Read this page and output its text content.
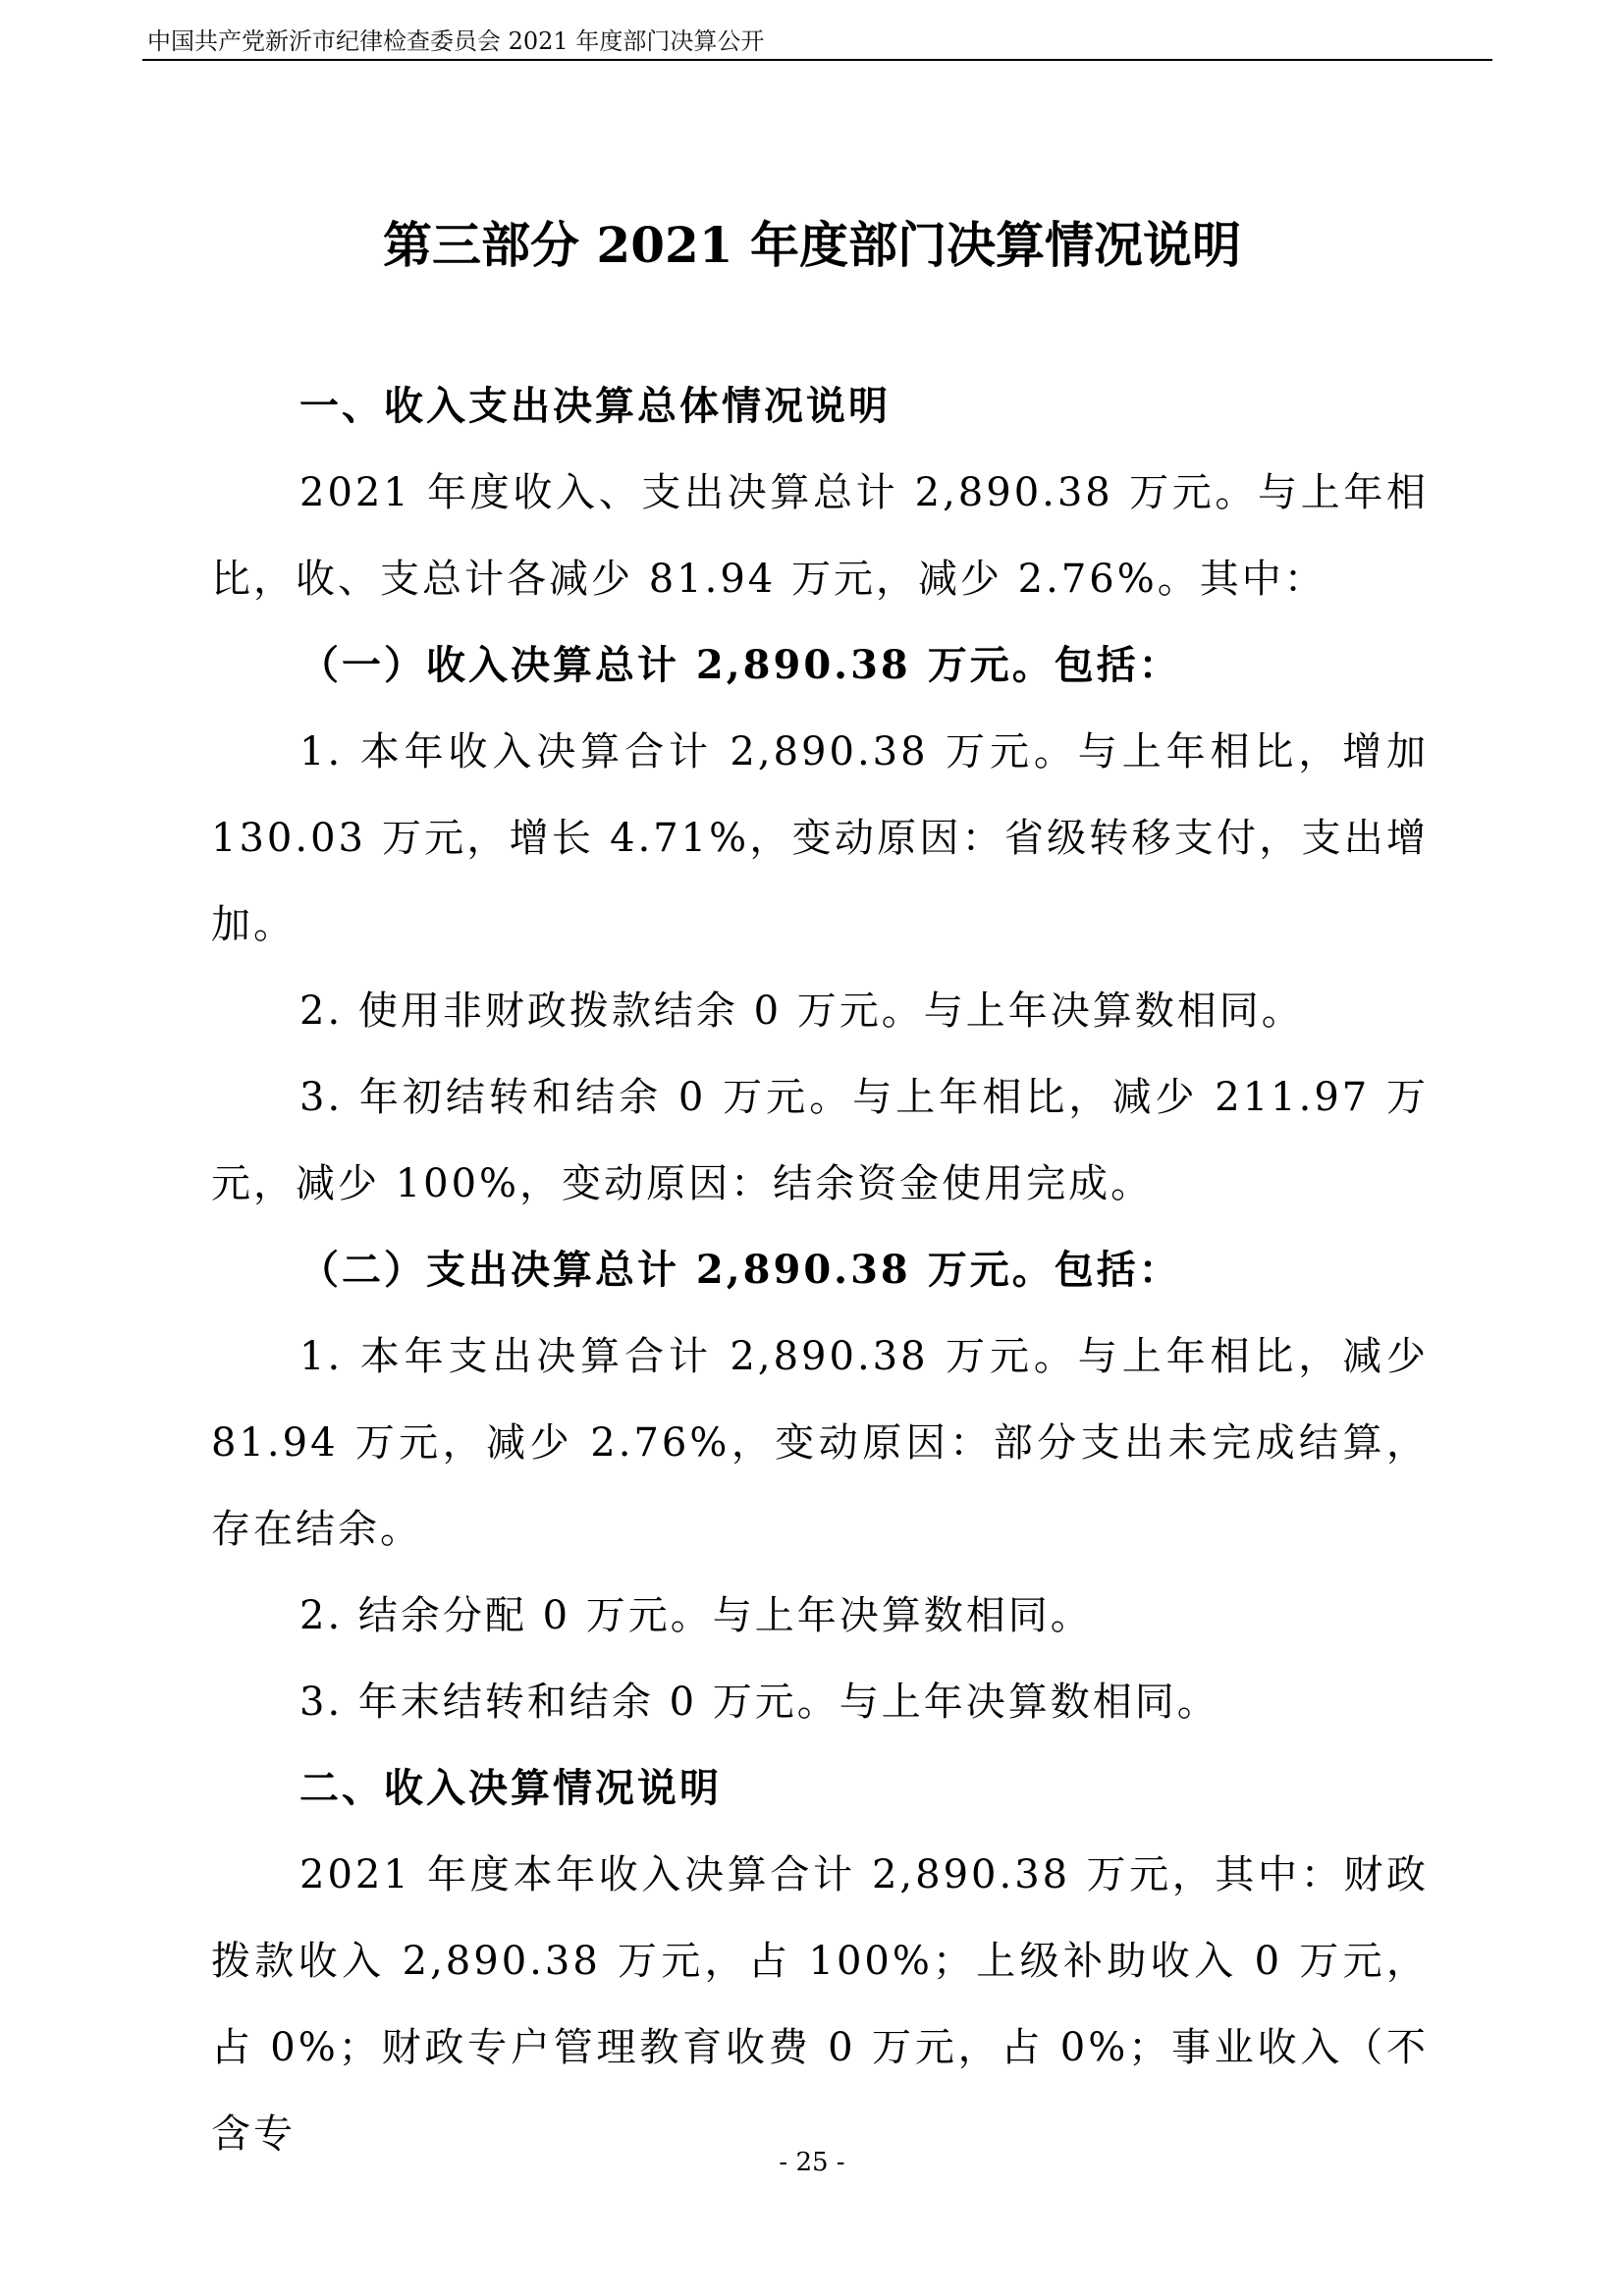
中国共产党新沂市纪律检查委员会 2021 年度部门决算公开
第三部分 2021 年度部门决算情况说明

一、收入支出决算总体情况说明

2021 年度收入、支出决算总计 2,890.38 万元。与上年相比，收、支总计各减少 81.94 万元，减少 2.76%。其中：

（一）收入决算总计 2,890.38 万元。包括：

1. 本年收入决算合计 2,890.38 万元。与上年相比，增加 130.03 万元，增长 4.71%，变动原因：省级转移支付，支出增加。

2. 使用非财政拨款结余 0 万元。与上年决算数相同。

3. 年初结转和结余 0 万元。与上年相比，减少 211.97 万元，减少 100%，变动原因：结余资金使用完成。

（二）支出决算总计 2,890.38 万元。包括：

1. 本年支出决算合计 2,890.38 万元。与上年相比，减少 81.94 万元，减少 2.76%，变动原因：部分支出未完成结算，存在结余。

2. 结余分配 0 万元。与上年决算数相同。

3. 年末结转和结余 0 万元。与上年决算数相同。

二、收入决算情况说明

2021 年度本年收入决算合计 2,890.38 万元，其中：财政拨款收入 2,890.38 万元，占 100%；上级补助收入 0 万元，占 0%；财政专户管理教育收费 0 万元，占 0%；事业收入（不含专

- 25 -
